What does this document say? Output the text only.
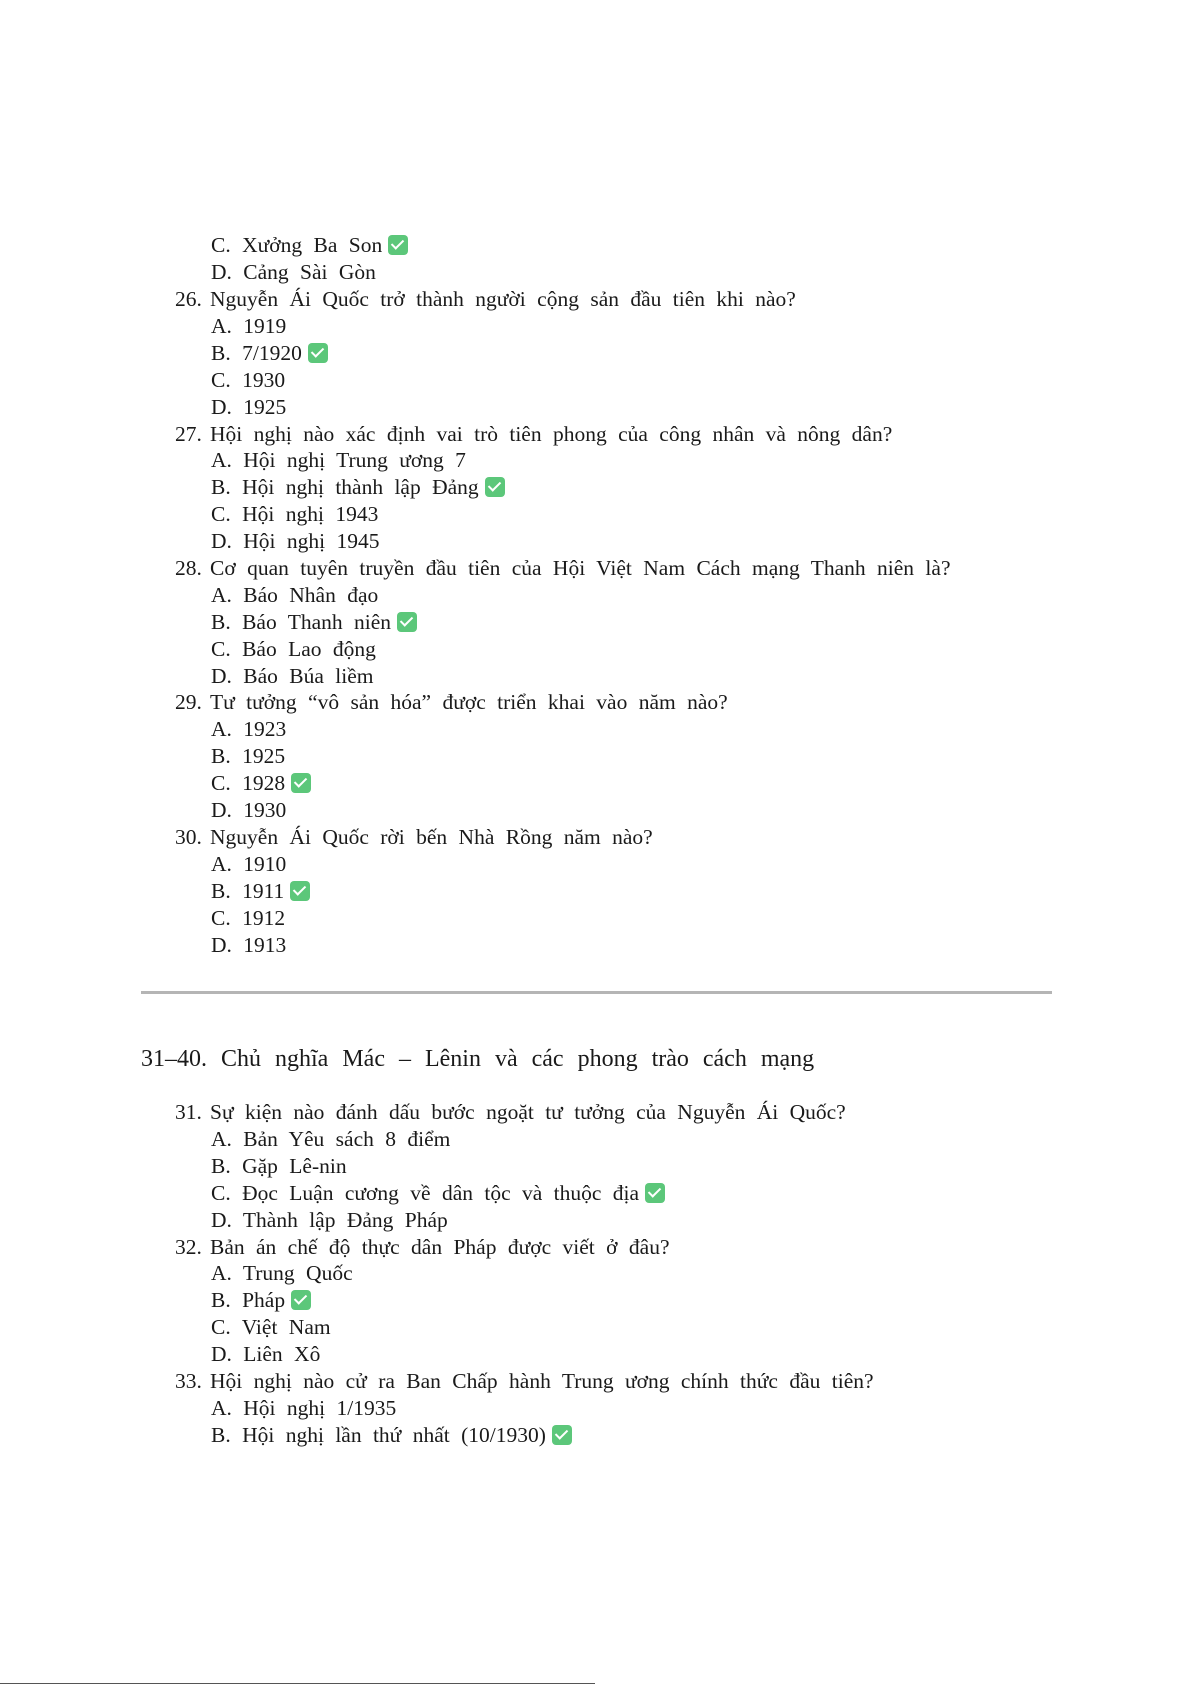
C. Xưởng Ba Son
D. Cảng Sài Gòn
26. Nguyễn Ái Quốc trở thành người cộng sản đầu tiên khi nào?
A. 1919
B. 7/1920
C. 1930
D. 1925
27. Hội nghị nào xác định vai trò tiên phong của công nhân và nông dân?
A. Hội nghị Trung ương 7
B. Hội nghị thành lập Đảng
C. Hội nghị 1943
D. Hội nghị 1945
28. Cơ quan tuyên truyền đầu tiên của Hội Việt Nam Cách mạng Thanh niên là?
A. Báo Nhân đạo
B. Báo Thanh niên
C. Báo Lao động
D. Báo Búa liềm
29. Tư tưởng “vô sản hóa” được triển khai vào năm nào?
A. 1923
B. 1925
C. 1928
D. 1930
30. Nguyễn Ái Quốc rời bến Nhà Rồng năm nào?
A. 1910
B. 1911
C. 1912
D. 1913
31–40. Chủ nghĩa Mác – Lênin và các phong trào cách mạng
31. Sự kiện nào đánh dấu bước ngoặt tư tưởng của Nguyễn Ái Quốc?
A. Bản Yêu sách 8 điểm
B. Gặp Lê-nin
C. Đọc Luận cương về dân tộc và thuộc địa
D. Thành lập Đảng Pháp
32. Bản án chế độ thực dân Pháp được viết ở đâu?
A. Trung Quốc
B. Pháp
C. Việt Nam
D. Liên Xô
33. Hội nghị nào cử ra Ban Chấp hành Trung ương chính thức đầu tiên?
A. Hội nghị 1/1935
B. Hội nghị lần thứ nhất (10/1930)
